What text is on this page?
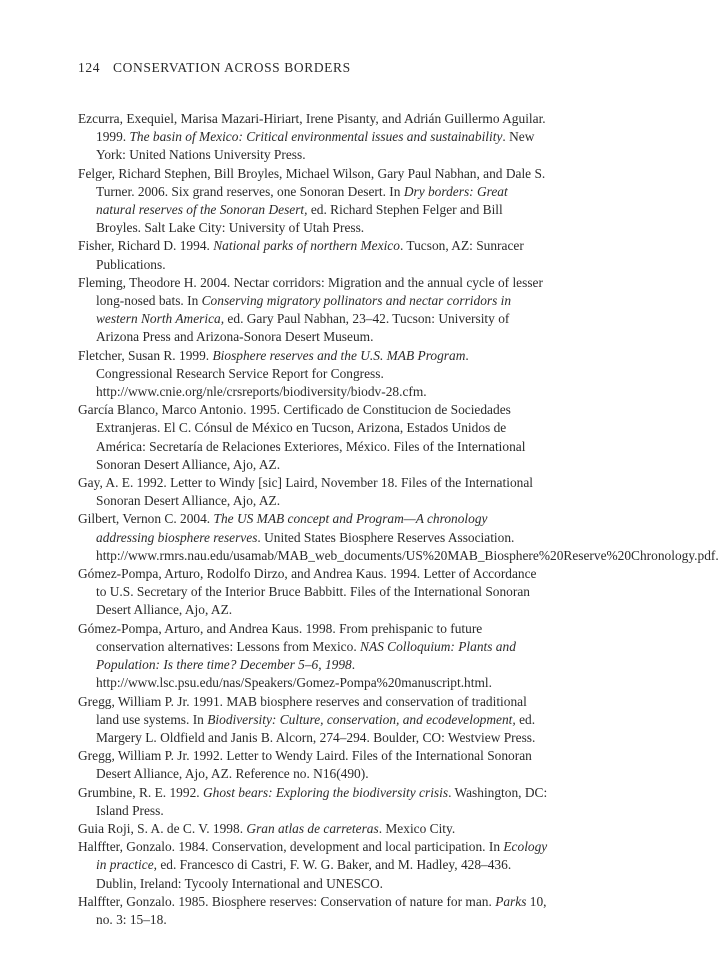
124 CONSERVATION ACROSS BORDERS

Ezcurra, Exequiel, Marisa Mazari-Hiriart, Irene Pisanty, and Adrián Guillermo Aguilar. 1999. The basin of Mexico: Critical environmental issues and sustainability. New York: United Nations University Press.

Felger, Richard Stephen, Bill Broyles, Michael Wilson, Gary Paul Nabhan, and Dale S. Turner. 2006. Six grand reserves, one Sonoran Desert. In Dry borders: Great natural reserves of the Sonoran Desert, ed. Richard Stephen Felger and Bill Broyles. Salt Lake City: University of Utah Press.

Fisher, Richard D. 1994. National parks of northern Mexico. Tucson, AZ: Sunracer Publications.

Fleming, Theodore H. 2004. Nectar corridors: Migration and the annual cycle of lesser long-nosed bats. In Conserving migratory pollinators and nectar corridors in western North America, ed. Gary Paul Nabhan, 23–42. Tucson: University of Arizona Press and Arizona-Sonora Desert Museum.

Fletcher, Susan R. 1999. Biosphere reserves and the U.S. MAB Program. Congressional Research Service Report for Congress. http://www.cnie.org/nle/crsreports/biodiversity/biodv-28.cfm.

García Blanco, Marco Antonio. 1995. Certificado de Constitucion de Sociedades Extranjeras. El C. Cónsul de México en Tucson, Arizona, Estados Unidos de América: Secretaría de Relaciones Exteriores, México. Files of the International Sonoran Desert Alliance, Ajo, AZ.

Gay, A. E. 1992. Letter to Windy [sic] Laird, November 18. Files of the International Sonoran Desert Alliance, Ajo, AZ.

Gilbert, Vernon C. 2004. The US MAB concept and Program—A chronology addressing biosphere reserves. United States Biosphere Reserves Association. http://www.rmrs.nau.edu/usamab/MAB_web_documents/US%20MAB_Biosphere%20Reserve%20Chronology.pdf.

Gómez-Pompa, Arturo, Rodolfo Dirzo, and Andrea Kaus. 1994. Letter of Accordance to U.S. Secretary of the Interior Bruce Babbitt. Files of the International Sonoran Desert Alliance, Ajo, AZ.

Gómez-Pompa, Arturo, and Andrea Kaus. 1998. From prehispanic to future conservation alternatives: Lessons from Mexico. NAS Colloquium: Plants and Population: Is there time? December 5–6, 1998. http://www.lsc.psu.edu/nas/Speakers/Gomez-Pompa%20manuscript.html.

Gregg, William P. Jr. 1991. MAB biosphere reserves and conservation of traditional land use systems. In Biodiversity: Culture, conservation, and ecodevelopment, ed. Margery L. Oldfield and Janis B. Alcorn, 274–294. Boulder, CO: Westview Press.

Gregg, William P. Jr. 1992. Letter to Wendy Laird. Files of the International Sonoran Desert Alliance, Ajo, AZ. Reference no. N16(490).

Grumbine, R. E. 1992. Ghost bears: Exploring the biodiversity crisis. Washington, DC: Island Press.

Guia Roji, S. A. de C. V. 1998. Gran atlas de carreteras. Mexico City.

Halffter, Gonzalo. 1984. Conservation, development and local participation. In Ecology in practice, ed. Francesco di Castri, F. W. G. Baker, and M. Hadley, 428–436. Dublin, Ireland: Tycooly International and UNESCO.

Halffter, Gonzalo. 1985. Biosphere reserves: Conservation of nature for man. Parks 10, no. 3: 15–18.
